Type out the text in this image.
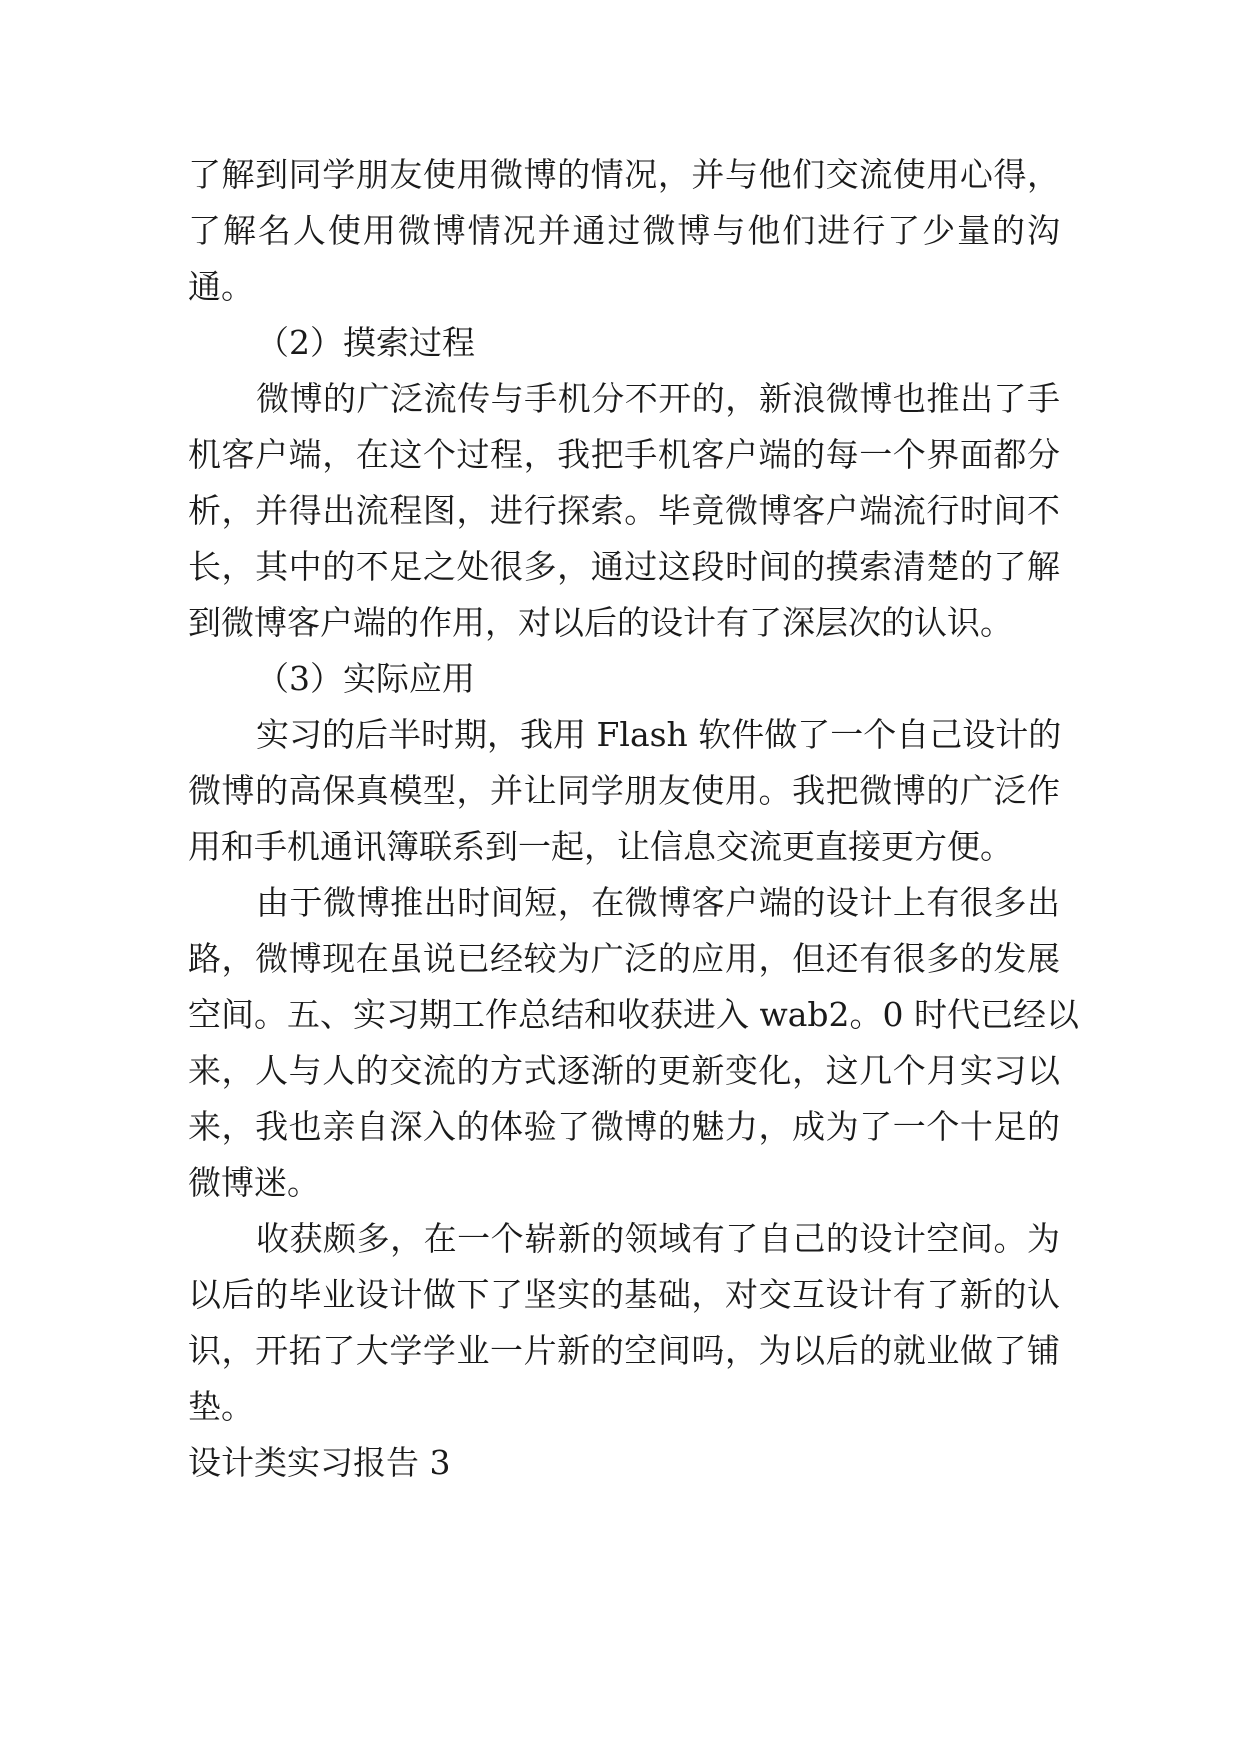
了解到同学朋友使用微博的情况，并与他们交流使用心得，
了解名人使用微博情况并通过微博与他们进行了少量的沟
通。
（2）摸索过程
微博的广泛流传与手机分不开的，新浪微博也推出了手
机客户端，在这个过程，我把手机客户端的每一个界面都分
析，并得出流程图，进行探索。毕竟微博客户端流行时间不
长，其中的不足之处很多，通过这段时间的摸索清楚的了解
到微博客户端的作用，对以后的设计有了深层次的认识。
（3）实际应用
实习的后半时期，我用 Flash 软件做了一个自己设计的
微博的高保真模型，并让同学朋友使用。我把微博的广泛作
用和手机通讯簿联系到一起，让信息交流更直接更方便。
由于微博推出时间短，在微博客户端的设计上有很多出
路，微博现在虽说已经较为广泛的应用，但还有很多的发展
空间。五、实习期工作总结和收获进入 wab2。0 时代已经以
来，人与人的交流的方式逐渐的更新变化，这几个月实习以
来，我也亲自深入的体验了微博的魅力，成为了一个十足的
微博迷。
收获颇多，在一个崭新的领域有了自己的设计空间。为
以后的毕业设计做下了坚实的基础，对交互设计有了新的认
识，开拓了大学学业一片新的空间吗，为以后的就业做了铺
垫。
设计类实习报告 3
